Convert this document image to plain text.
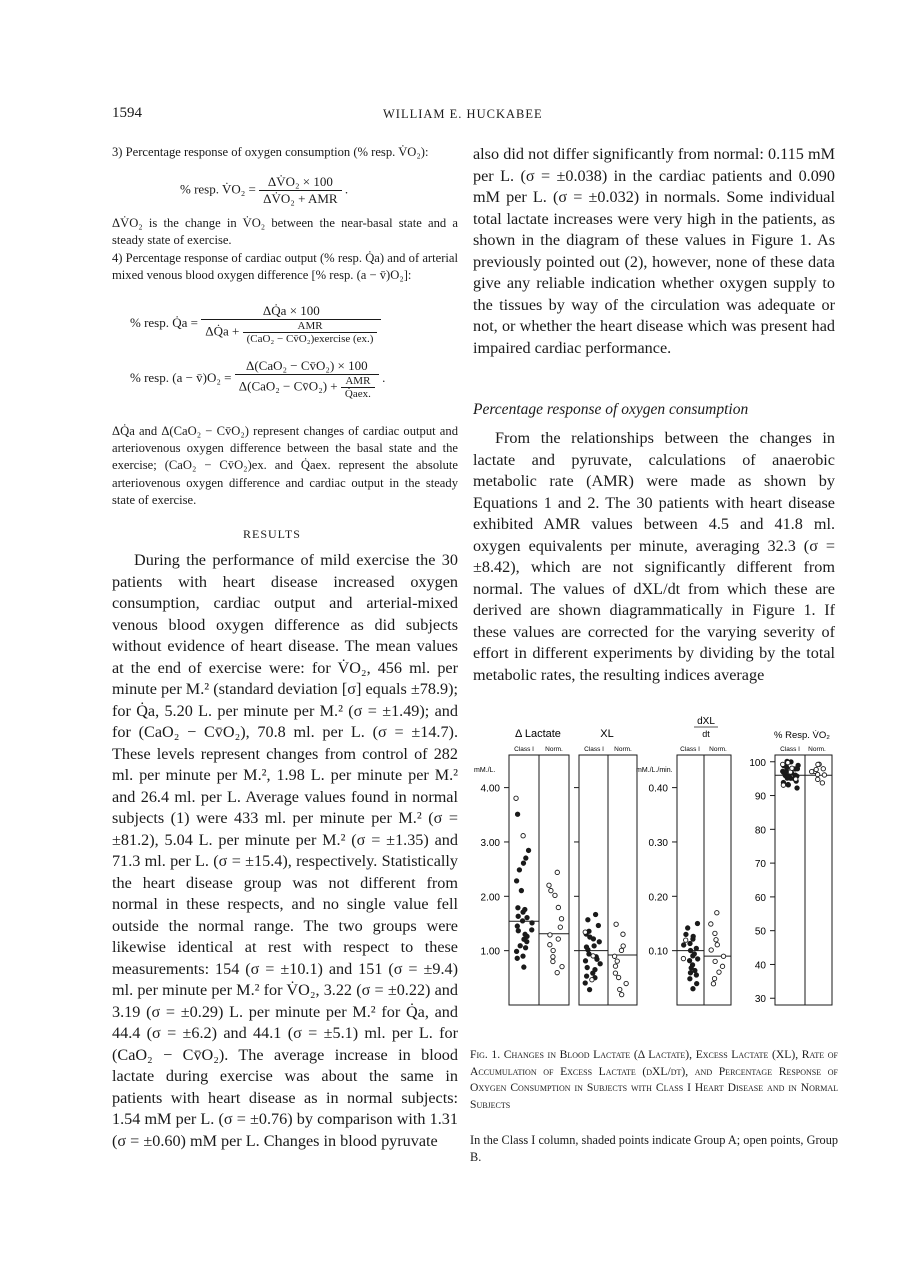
1594	WILLIAM E. HUCKABEE

3) Percentage response of oxygen consumption (% resp. V̇O₂):

% resp. V̇O₂ = $\frac{\text{ΔV̇O₂ × 100}}{\text{ΔV̇O₂ + AMR}}$ .

ΔV̇O₂ is the change in V̇O₂ between the near-basal state and a steady state of exercise.

4) Percentage response of cardiac output (% resp. Q̇a) and of arterial mixed venous blood oxygen difference [% resp. (a − v̄)O₂]:

% resp. Q̇a = $\frac{\Delta Q̇a \times 100}{\Delta Q̇a + \frac{\text{AMR}}{\text{(CaO₂ − Cv̄O₂)exercise (ex.)}}}$
% resp. (a − v̄)O₂ = $\frac{\text{Δ(CaO₂ − Cv̄O₂) × 100}}{\Delta(CaO_2 - Cv̄O_2) + \frac{\text{AMR}}{\text{Q̇aex.}}}$ .

ΔQ̇a and Δ(CaO₂ − Cv̄O₂) represent changes of cardiac output and arteriovenous oxygen difference between the basal state and the exercise; (CaO₂ − Cv̄O₂)ex. and Q̇aex. represent the absolute arteriovenous oxygen difference and cardiac output in the steady state of exercise.

RESULTS

During the performance of mild exercise the 30 patients with heart disease increased oxygen consumption, cardiac output and arterial-mixed venous blood oxygen difference as did subjects without evidence of heart disease. The mean values at the end of exercise were: for V̇O₂, 456 ml. per minute per M.² (standard deviation [σ] equals ±78.9); for Q̇a, 5.20 L. per minute per M.² (σ = ±1.49); and for (CaO₂ − Cv̄O₂), 70.8 ml. per L. (σ = ±14.7). These levels represent changes from control of 282 ml. per minute per M.², 1.98 L. per minute per M.² and 26.4 ml. per L. Average values found in normal subjects (1) were 433 ml. per minute per M.² (σ = ±81.2), 5.04 L. per minute per M.² (σ = ±1.35) and 71.3 ml. per L. (σ = ±15.4), respectively. Statistically the heart disease group was not different from normal in these respects, and no single value fell outside the normal range. The two groups were likewise identical at rest with respect to these measurements: 154 (σ = ±10.1) and 151 (σ = ±9.4) ml. per minute per M.² for V̇O₂, 3.22 (σ = ±0.22) and 3.19 (σ = ±0.29) L. per minute per M.² for Q̇a, and 44.4 (σ = ±6.2) and 44.1 (σ = ±5.1) ml. per L. for (CaO₂ − Cv̄O₂). The average increase in blood lactate during exercise was about the same in patients with heart disease as in normal subjects: 1.54 mM per L. (σ = ±0.76) by comparison with 1.31 (σ = ±0.60) mM per L. Changes in blood pyruvate

also did not differ significantly from normal: 0.115 mM per L. (σ = ±0.038) in the cardiac patients and 0.090 mM per L. (σ = ±0.032) in normals. Some individual total lactate increases were very high in the patients, as shown in the diagram of these values in Figure 1. As previously pointed out (2), however, none of these data give any reliable indication whether oxygen supply to the tissues by way of the circulation was adequate or not, or whether the heart disease which was present had impaired cardiac performance.

Percentage response of oxygen consumption

From the relationships between the changes in lactate and pyruvate, calculations of anaerobic metabolic rate (AMR) were made as shown by Equations 1 and 2. The 30 patients with heart disease exhibited AMR values between 4.5 and 41.8 ml. oxygen equivalents per minute, averaging 32.3 (σ = ±8.42), which are not significantly different from normal. The values of dXL/dt from which these are derived are shown diagrammatically in Figure 1. If these values are corrected for the varying severity of effort in different experiments by dividing by the total metabolic rates, the resulting indices average

Δ Lactate
Class I Norm.
mM./L.
1.00
2.00
3.00
4.00
XL
Class I Norm.
dXL
dt
Class I Norm.
mM./L./min.
0.10
0.20
0.30
0.40
% Resp. V̇O₂
Class I Norm.
30
40
50
60
70
80
90
100
Fig. 1. Changes in Blood Lactate (Δ Lactate), Excess Lactate (XL), Rate of Accumulation of Excess Lactate (dXL/dt), and Percentage Response of Oxygen Consumption in Subjects with Class I Heart Disease and in Normal Subjects
In the Class I column, shaded points indicate Group A; open points, Group B.
